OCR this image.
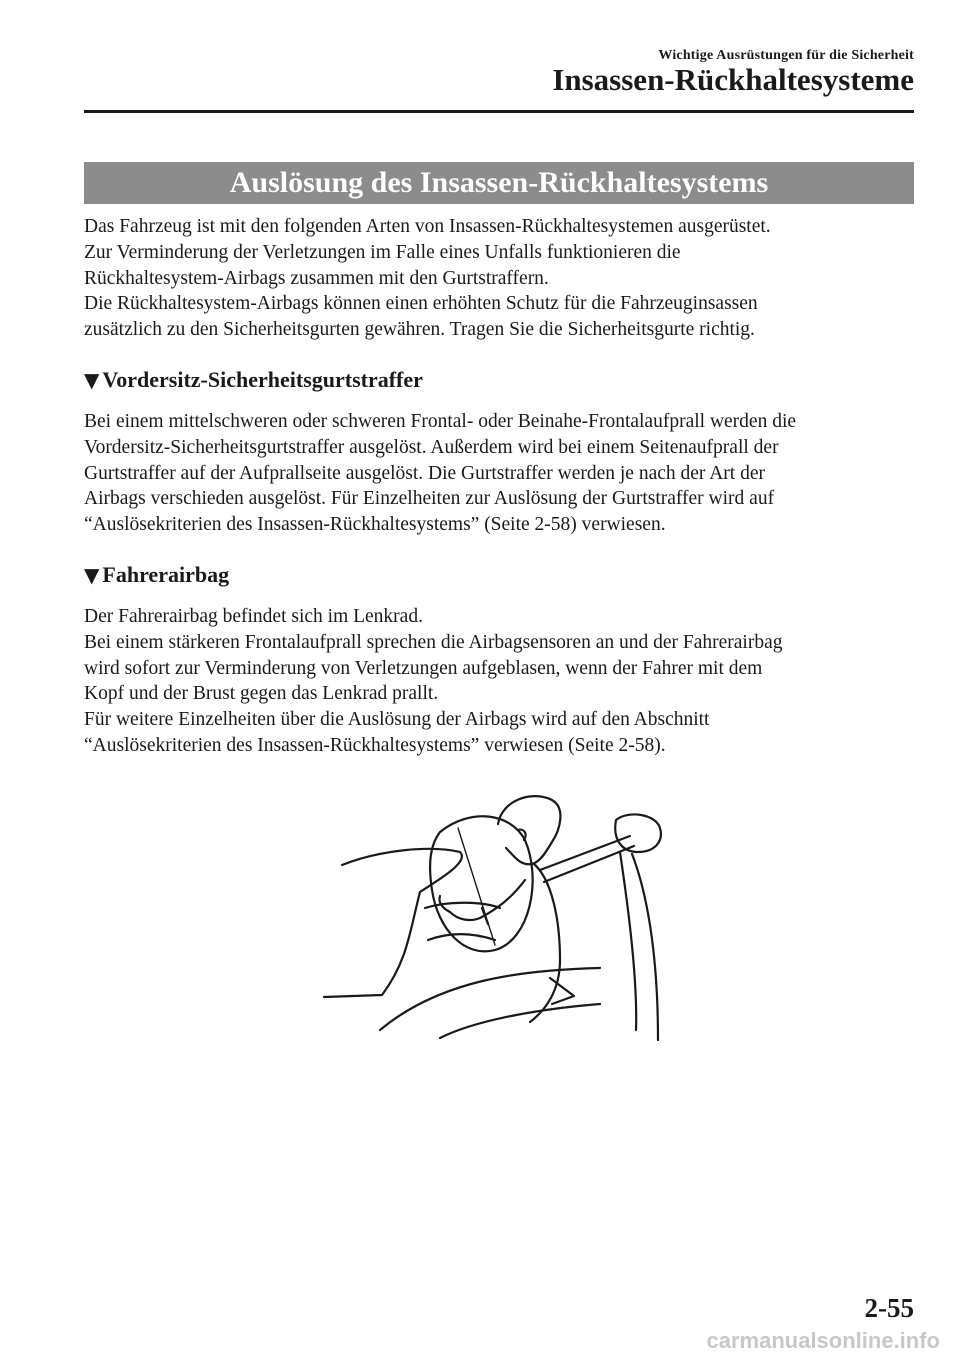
Wichtige Ausrüstungen für die Sicherheit
Insassen-Rückhaltesysteme
Auslösung des Insassen-Rückhaltesystems
Das Fahrzeug ist mit den folgenden Arten von Insassen-Rückhaltesystemen ausgerüstet.
Zur Verminderung der Verletzungen im Falle eines Unfalls funktionieren die
Rückhaltesystem-Airbags zusammen mit den Gurtstraffern.
Die Rückhaltesystem-Airbags können einen erhöhten Schutz für die Fahrzeuginsassen
zusätzlich zu den Sicherheitsgurten gewähren. Tragen Sie die Sicherheitsgurte richtig.
▼ Vordersitz-Sicherheitsgurtstraffer
Bei einem mittelschweren oder schweren Frontal- oder Beinahe-Frontalaufprall werden die
Vordersitz-Sicherheitsgurtstraffer ausgelöst. Außerdem wird bei einem Seitenaufprall der
Gurtstraffer auf der Aufprallseite ausgelöst. Die Gurtstraffer werden je nach der Art der
Airbags verschieden ausgelöst. Für Einzelheiten zur Auslösung der Gurtstraffer wird auf
“Auslösekriterien des Insassen-Rückhaltesystems” (Seite 2-58) verwiesen.
▼ Fahrerairbag
Der Fahrerairbag befindet sich im Lenkrad.
Bei einem stärkeren Frontalaufprall sprechen die Airbagsensoren an und der Fahrerairbag
wird sofort zur Verminderung von Verletzungen aufgeblasen, wenn der Fahrer mit dem
Kopf und der Brust gegen das Lenkrad prallt.
Für weitere Einzelheiten über die Auslösung der Airbags wird auf den Abschnitt
“Auslösekriterien des Insassen-Rückhaltesystems” verwiesen (Seite 2-58).
2-55
carmanualsonline.info
